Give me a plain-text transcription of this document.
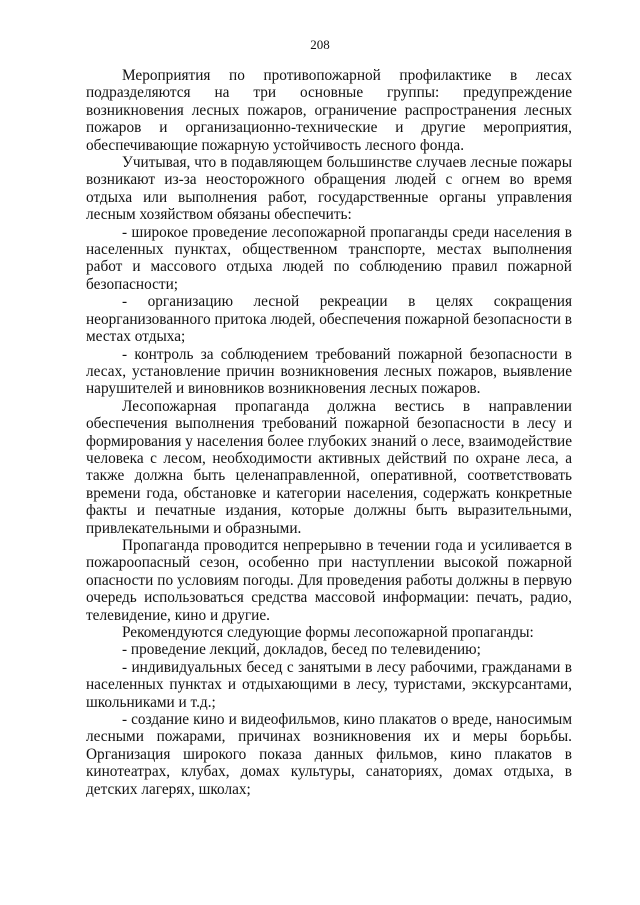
208

Мероприятия по противопожарной профилактике в лесах подразделяются на три основные группы: предупреждение возникновения лесных пожаров, ограничение распространения лесных пожаров и организационно-технические и другие мероприятия, обеспечивающие пожарную устойчивость лесного фонда.

Учитывая, что в подавляющем большинстве случаев лесные пожары возникают из-за неосторожного обращения людей с огнем во время отдыха или выполнения работ, государственные органы управления лесным хозяйством обязаны обеспечить:

- широкое проведение лесопожарной пропаганды среди населения в населенных пунктах, общественном транспорте, местах выполнения работ и массового отдыха людей по соблюдению правил пожарной безопасности;

- организацию лесной рекреации в целях сокращения неорганизованного притока людей, обеспечения пожарной безопасности в местах отдыха;

- контроль за соблюдением требований пожарной безопасности в лесах, установление причин возникновения лесных пожаров, выявление нарушителей и виновников возникновения лесных пожаров.

Лесопожарная пропаганда должна вестись в направлении обеспечения выполнения требований пожарной безопасности в лесу и формирования у населения более глубоких знаний о лесе, взаимодействие человека с лесом, необходимости активных действий по охране леса, а также должна быть целенаправленной, оперативной, соответствовать времени года, обстановке и категории населения, содержать конкретные факты и печатные издания, которые должны быть выразительными, привлекательными и образными.

Пропаганда проводится непрерывно в течении года и усиливается в пожароопасный сезон, особенно при наступлении высокой пожарной опасности по условиям погоды. Для проведения работы должны в первую очередь использоваться средства массовой информации: печать, радио, телевидение, кино и другие.

Рекомендуются следующие формы лесопожарной пропаганды:

- проведение лекций, докладов, бесед по телевидению;

- индивидуальных бесед с занятыми в лесу рабочими, гражданами в населенных пунктах и отдыхающими в лесу, туристами, экскурсантами, школьниками и т.д.;

- создание кино и видеофильмов, кино плакатов о вреде, наносимым лесными пожарами, причинах возникновения их и меры борьбы. Организация широкого показа данных фильмов, кино плакатов в кинотеатрах, клубах, домах культуры, санаториях, домах отдыха, в детских лагерях, школах;
